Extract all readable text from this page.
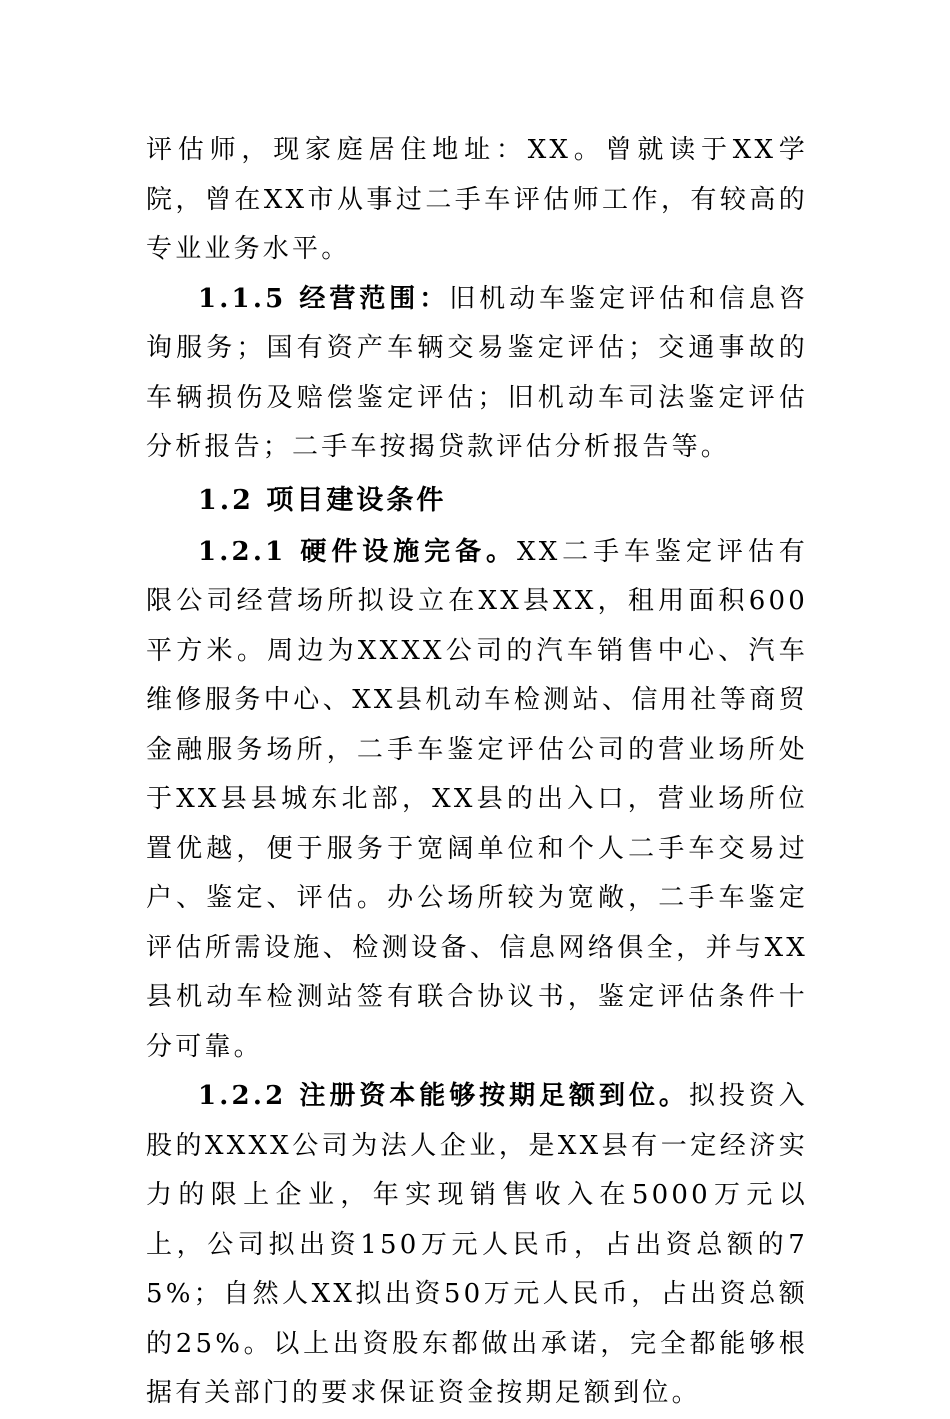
评估师，现家庭居住地址：XX。曾就读于XX学院，曾在XX市从事过二手车评估师工作，有较高的专业业务水平。

1.1.5 经营范围：旧机动车鉴定评估和信息咨询服务；国有资产车辆交易鉴定评估；交通事故的车辆损伤及赔偿鉴定评估；旧机动车司法鉴定评估分析报告；二手车按揭贷款评估分析报告等。

1.2 项目建设条件

1.2.1 硬件设施完备。XX二手车鉴定评估有限公司经营场所拟设立在XX县XX，租用面积600平方米。周边为XXXX公司的汽车销售中心、汽车维修服务中心、XX县机动车检测站、信用社等商贸金融服务场所，二手车鉴定评估公司的营业场所处于XX县县城东北部，XX县的出入口，营业场所位置优越，便于服务于宽阔单位和个人二手车交易过户、鉴定、评估。办公场所较为宽敞，二手车鉴定评估所需设施、检测设备、信息网络俱全，并与XX县机动车检测站签有联合协议书，鉴定评估条件十分可靠。

1.2.2 注册资本能够按期足额到位。拟投资入股的XXXX公司为法人企业，是XX县有一定经济实力的限上企业，年实现销售收入在5000万元以上，公司拟出资150万元人民币，占出资总额的75%；自然人XX拟出资50万元人民币，占出资总额的25%。以上出资股东都做出承诺，完全都能够根据有关部门的要求保证资金按期足额到位。
